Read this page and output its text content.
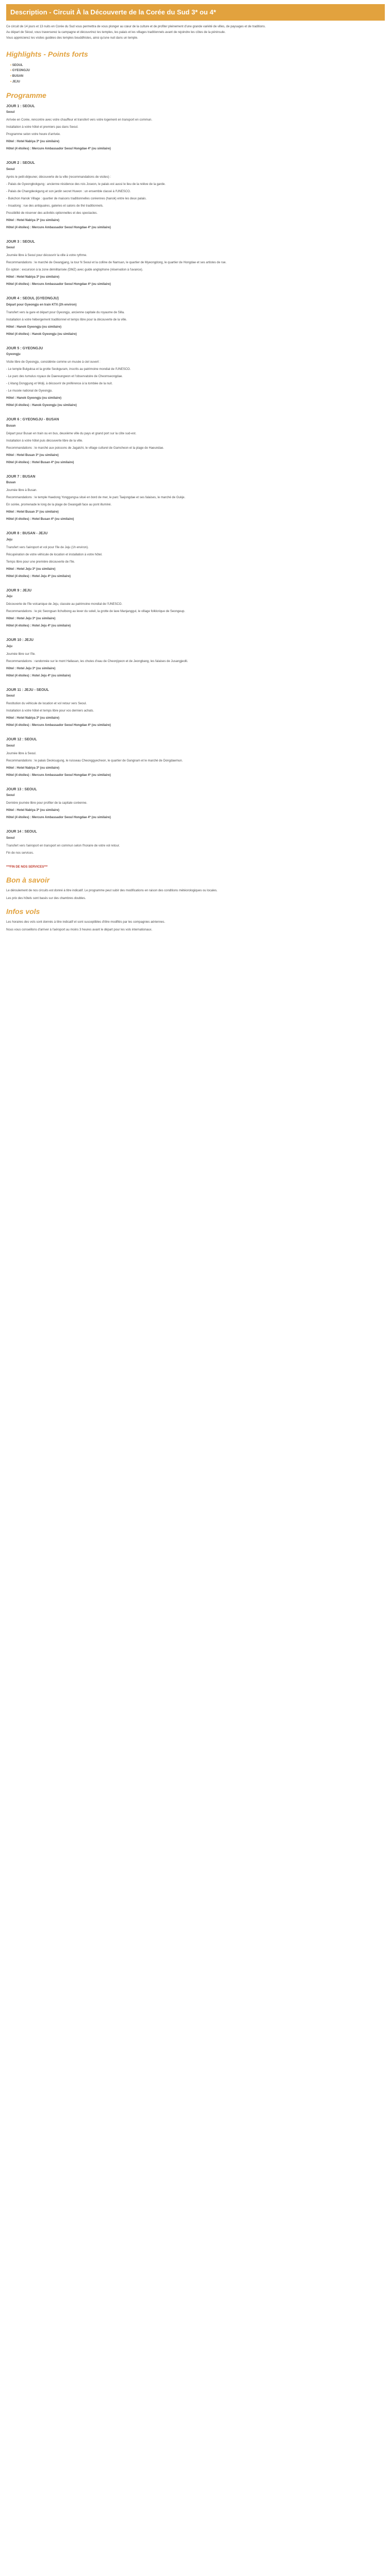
Description - Circuit À la Découverte de la Corée du Sud 3* ou 4*

Ce circuit de 14 jours et 13 nuits en Corée du Sud vous permettra de vous plonger au cœur de la culture et de profiter pleinement d'une grande variété de villes, de paysages et de traditions.

Au départ de Séoul, vous traverserez la campagne et découvrirez les temples, les palais et les villages traditionnels avant de rejoindre les côtes de la péninsule.

Vous apprécierez les visites guidées des temples bouddhistes, ainsi qu'une nuit dans un temple.

Highlights - Points forts
• SEOUL
• GYEONGJU
• BUSAN
• JEJU
Programme
JOUR 1 : SEOUL
Seoul

Arrivée en Corée, rencontre avec votre chauffeur et transfert vers votre logement en transport en commun.

Installation à votre hôtel et premiers pas dans Seoul.

Programme selon votre heure d'arrivée.

Hôtel : Hotel Nabiya 3* (ou similaire)

Hôtel (4 étoiles) : Mercure Ambassador Seoul Hongdae 4* (ou similaire)

JOUR 2 : SEOUL
Seoul

Après le petit-déjeuner, découverte de la ville (recommandations de visites) :

- Palais de Gyeongbokgung : ancienne résidence des rois Joseon, le palais est aussi le lieu de la relève de la garde.

- Palais de Changdeokgung et son jardin secret Huwon : un ensemble classé à l'UNESCO.

- Bukchon Hanok Village : quartier de maisons traditionnelles coréennes (hanok) entre les deux palais.

- Insadong : rue des antiquaires, galeries et salons de thé traditionnels.

Possibilité de réserver des activités optionnelles et des spectacles.

Hôtel : Hotel Nabiya 3* (ou similaire)

Hôtel (4 étoiles) : Mercure Ambassador Seoul Hongdae 4* (ou similaire)

JOUR 3 : SEOUL
Seoul

Journée libre à Seoul pour découvrir la ville à votre rythme.

Recommandations : le marché de Gwangjang, la tour N Seoul et la colline de Namsan, le quartier de Myeongdong, le quartier de Hongdae et ses artistes de rue.

En option : excursion à la zone démilitarisée (DMZ) avec guide anglophone (réservation à l'avance).

Hôtel : Hotel Nabiya 3* (ou similaire)

Hôtel (4 étoiles) : Mercure Ambassador Seoul Hongdae 4* (ou similaire)

JOUR 4 : SEOUL (GYEONGJU)
Départ pour Gyeongju en train KTX (2h environ)

Transfert vers la gare et départ pour Gyeongju, ancienne capitale du royaume de Silla.

Installation à votre hébergement traditionnel et temps libre pour la découverte de la ville.

Hôtel : Hanok Gyeongju (ou similaire)

Hôtel (4 étoiles) : Hanok Gyeongju (ou similaire)

JOUR 5 : GYEONGJU
Gyeongju

Visite libre de Gyeongju, considérée comme un musée à ciel ouvert :

- Le temple Bulguksa et la grotte Seokguram, inscrits au patrimoine mondial de l'UNESCO.

- Le parc des tumulus royaux de Daereungwon et l'observatoire de Cheomseongdae.

- L'étang Donggung et Wolji, à découvrir de préférence à la tombée de la nuit.

- Le musée national de Gyeongju.

Hôtel : Hanok Gyeongju (ou similaire)

Hôtel (4 étoiles) : Hanok Gyeongju (ou similaire)

JOUR 6 : GYEONGJU - BUSAN
Busan

Départ pour Busan en train ou en bus, deuxième ville du pays et grand port sur la côte sud-est.

Installation à votre hôtel puis découverte libre de la ville.

Recommandations : le marché aux poissons de Jagalchi, le village culturel de Gamcheon et la plage de Haeundae.

Hôtel : Hotel Busan 3* (ou similaire)

Hôtel (4 étoiles) : Hotel Busan 4* (ou similaire)

JOUR 7 : BUSAN
Busan

Journée libre à Busan.

Recommandations : le temple Haedong Yonggungsa situé en bord de mer, le parc Taejongdae et ses falaises, le marché de Gukje.

En soirée, promenade le long de la plage de Gwangalli face au pont illuminé.

Hôtel : Hotel Busan 3* (ou similaire)

Hôtel (4 étoiles) : Hotel Busan 4* (ou similaire)

JOUR 8 : BUSAN - JEJU
Jeju

Transfert vers l'aéroport et vol pour l'île de Jeju (1h environ).

Récupération de votre véhicule de location et installation à votre hôtel.

Temps libre pour une première découverte de l'île.

Hôtel : Hotel Jeju 3* (ou similaire)

Hôtel (4 étoiles) : Hotel Jeju 4* (ou similaire)

JOUR 9 : JEJU
Jeju

Découverte de l'île volcanique de Jeju, classée au patrimoine mondial de l'UNESCO.

Recommandations : le pic Seongsan Ilchulbong au lever du soleil, la grotte de lave Manjanggul, le village folklorique de Seongeup.

Hôtel : Hotel Jeju 3* (ou similaire)

Hôtel (4 étoiles) : Hotel Jeju 4* (ou similaire)

JOUR 10 : JEJU
Jeju

Journée libre sur l'île.

Recommandations : randonnée sur le mont Hallasan, les chutes d'eau de Cheonjiyeon et de Jeongbang, les falaises de Jusangjeolli.

Hôtel : Hotel Jeju 3* (ou similaire)

Hôtel (4 étoiles) : Hotel Jeju 4* (ou similaire)

JOUR 11 : JEJU - SEOUL
Seoul

Restitution du véhicule de location et vol retour vers Seoul.

Installation à votre hôtel et temps libre pour vos derniers achats.

Hôtel : Hotel Nabiya 3* (ou similaire)

Hôtel (4 étoiles) : Mercure Ambassador Seoul Hongdae 4* (ou similaire)

JOUR 12 : SEOUL
Seoul

Journée libre à Seoul.

Recommandations : le palais Deoksugung, le ruisseau Cheonggyecheon, le quartier de Gangnam et le marché de Dongdaemun.

Hôtel : Hotel Nabiya 3* (ou similaire)

Hôtel (4 étoiles) : Mercure Ambassador Seoul Hongdae 4* (ou similaire)

JOUR 13 : SEOUL
Seoul

Dernière journée libre pour profiter de la capitale coréenne.

Hôtel : Hotel Nabiya 3* (ou similaire)

Hôtel (4 étoiles) : Mercure Ambassador Seoul Hongdae 4* (ou similaire)

JOUR 14 : SEOUL
Seoul

Transfert vers l'aéroport en transport en commun selon l'horaire de votre vol retour.

Fin de nos services.

***FIN DE NOS SERVICES***

Bon à savoir

Le déroulement de nos circuits est donné à titre indicatif. Le programme peut subir des modifications en raison des conditions météorologiques ou locales.

Les prix des hôtels sont basés sur des chambres doubles.

Infos vols

Les horaires des vols sont donnés à titre indicatif et sont susceptibles d'être modifiés par les compagnies aériennes.

Nous vous conseillons d'arriver à l'aéroport au moins 3 heures avant le départ pour les vols internationaux.
